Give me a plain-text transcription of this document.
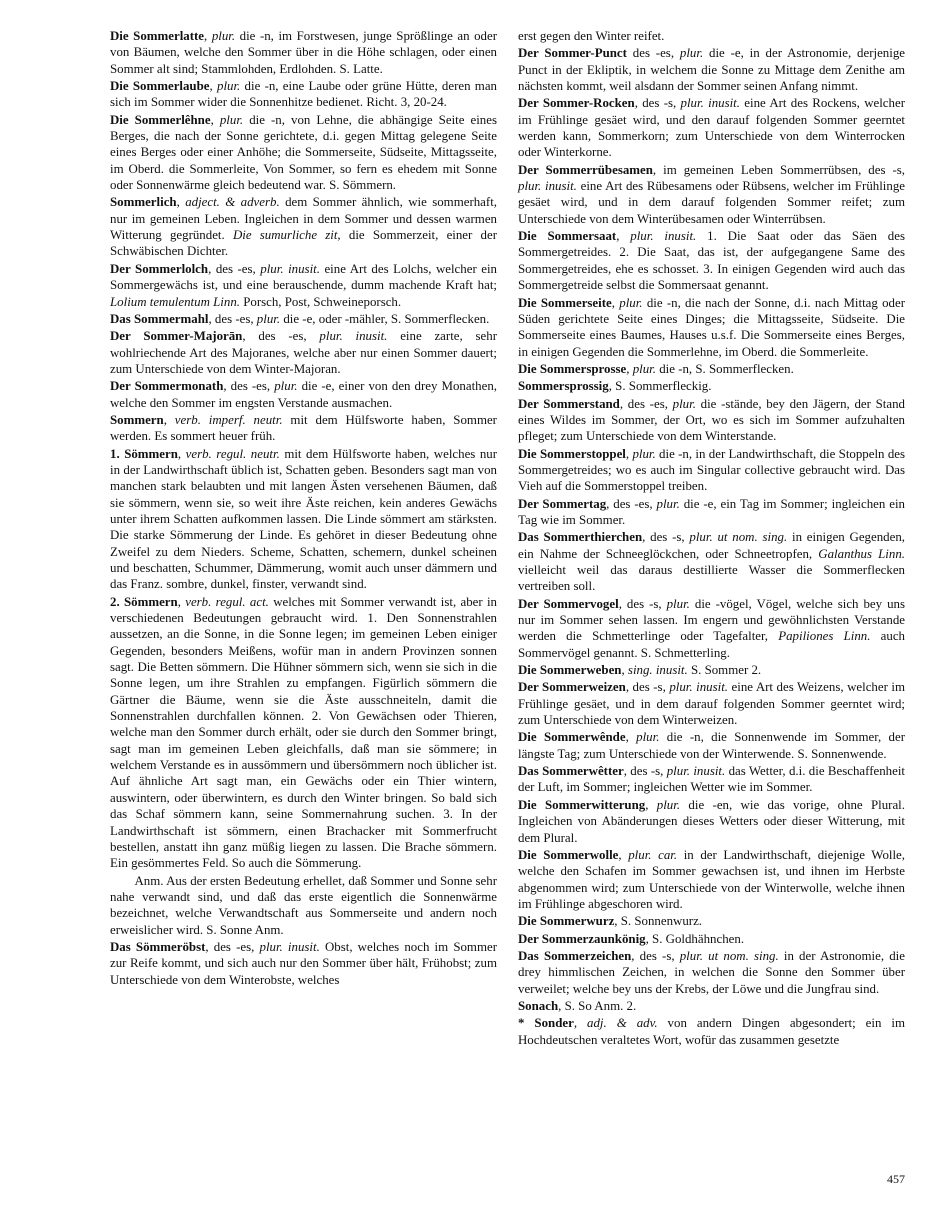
Die Sommerlatte, plur. die -n, im Forstwesen, junge Sprößlinge an oder von Bäumen, welche den Sommer über in die Höhe schlagen, oder einen Sommer alt sind; Stammlohden, Erdlohden. S. Latte.
Die Sommerlaube, plur. die -n, eine Laube oder grüne Hütte, deren man sich im Sommer wider die Sonnenhitze bedienet. Richt. 3, 20-24.
Die Sommerlêhne, plur. die -n, von Lehne, die abhängige Seite eines Berges, die nach der Sonne gerichtete, d.i. gegen Mittag gelegene Seite eines Berges oder einer Anhöhe; die Sommerseite, Südseite, Mittagsseite, im Oberd. die Sommerleite, Von Sommer, so fern es ehedem mit Sonne oder Sonnenwärme gleich bedeutend war. S. Sömmern.
Sommerlich, adject. & adverb. dem Sommer ähnlich, wie sommerhaft, nur im gemeinen Leben. Ingleichen in dem Sommer und dessen warmen Witterung gegründet. Die sumurliche zit, die Sommerzeit, einer der Schwäbischen Dichter.
Der Sommerlolch, des -es, plur. inusit. eine Art des Lolchs, welcher ein Sommergewächs ist, und eine berauschende, dumm machende Kraft hat; Lolium temulentum Linn. Porsch, Post, Schweineporsch.
Das Sommermahl, des -es, plur. die -e, oder -mähler, S. Sommerflecken.
Der Sommer-Majorān, des -es, plur. inusit. eine zarte, sehr wohlriechende Art des Majoranes, welche aber nur einen Sommer dauert; zum Unterschiede von dem Winter-Majoran.
Der Sommermonath, des -es, plur. die -e, einer von den drey Monathen, welche den Sommer im engsten Verstande ausmachen.
Sommern, verb. imperf. neutr. mit dem Hülfsworte haben, Sommer werden. Es sommert heuer früh.
1. Sömmern, verb. regul. neutr. mit dem Hülfsworte haben, welches nur in der Landwirthschaft üblich ist, Schatten geben. Besonders sagt man von manchen stark belaubten und mit langen Ästen versehenen Bäumen, daß sie sömmern, wenn sie, so weit ihre Äste reichen, kein anderes Gewächs unter ihrem Schatten aufkommen lassen. Die Linde sömmert am stärksten. Die starke Sömmerung der Linde. Es gehöret in dieser Bedeutung ohne Zweifel zu dem Nieders. Scheme, Schatten, schemern, dunkel scheinen und beschatten, Schummer, Dämmerung, womit auch unser dämmern und das Franz. sombre, dunkel, finster, verwandt sind.
2. Sömmern, verb. regul. act. welches mit Sommer verwandt ist, aber in verschiedenen Bedeutungen gebraucht wird. 1. Den Sonnenstrahlen aussetzen, an die Sonne, in die Sonne legen; im gemeinen Leben einiger Gegenden, besonders Meißens, wofür man in andern Provinzen sonnen sagt. Die Betten sömmern. Die Hühner sömmern sich, wenn sie sich in die Sonne legen, um ihre Strahlen zu empfangen. Figürlich sömmern die Gärtner die Bäume, wenn sie die Äste ausschneiteln, damit die Sonnenstrahlen durchfallen können. 2. Von Gewächsen oder Thieren, welche man den Sommer durch erhält, oder sie durch den Sommer bringt, sagt man im gemeinen Leben gleichfalls, daß man sie sömmere; in welchem Verstande es in aussömmern und übersömmern noch üblicher ist. Auf ähnliche Art sagt man, ein Gewächs oder ein Thier wintern, auswintern, oder überwintern, es durch den Winter bringen. So bald sich das Schaf sömmern kann, seine Sommernahrung suchen. 3. In der Landwirthschaft ist sömmern, einen Brachacker mit Sommerfrucht bestellen, anstatt ihn ganz müßig liegen zu lassen. Die Brache sömmern. Ein gesömmertes Feld. So auch die Sömmerung.
Anm. Aus der ersten Bedeutung erhellet, daß Sommer und Sonne sehr nahe verwandt sind, und daß das erste eigentlich die Sonnenwärme bezeichnet, welche Verwandtschaft aus Sommerseite und andern noch erweislicher wird. S. Sonne Anm.
Das Sömmeröbst, des -es, plur. inusit. Obst, welches noch im Sommer zur Reife kommt, und sich auch nur den Sommer über hält, Frühobst; zum Unterschiede von dem Winterobste, welches
erst gegen den Winter reifet.
Der Sommer-Punct des -es, plur. die -e, in der Astronomie, derjenige Punct in der Ekliptik, in welchem die Sonne zu Mittage dem Zenithe am nächsten kommt, weil alsdann der Sommer seinen Anfang nimmt.
Der Sommer-Rocken, des -s, plur. inusit. eine Art des Rockens, welcher im Frühlinge gesäet wird, und den darauf folgenden Sommer geerntet werden kann, Sommerkorn; zum Unterschiede von dem Winterrocken oder Winterkorne.
Der Sommerrübesamen, im gemeinen Leben Sommerrübsen, des -s, plur. inusit. eine Art des Rübesamens oder Rübsens, welcher im Frühlinge gesäet wird, und in dem darauf folgenden Sommer reifet; zum Unterschiede von dem Winterübesamen oder Winterrübsen.
Die Sommersaat, plur. inusit. 1. Die Saat oder das Säen des Sommergetreides. 2. Die Saat, das ist, der aufgegangene Same des Sommergetreides, ehe es schosset. 3. In einigen Gegenden wird auch das Sommergetreide selbst die Sommersaat genannt.
Die Sommerseite, plur. die -n, die nach der Sonne, d.i. nach Mittag oder Süden gerichtete Seite eines Dinges; die Mittagsseite, Südseite. Die Sommerseite eines Baumes, Hauses u.s.f. Die Sommerseite eines Berges, in einigen Gegenden die Sommerlehne, im Oberd. die Sommerleite.
Die Sommersprosse, plur. die -n, S. Sommerflecken.
Sommersprossig, S. Sommerfleckig.
Der Sommerstand, des -es, plur. die -stände, bey den Jägern, der Stand eines Wildes im Sommer, der Ort, wo es sich im Sommer aufzuhalten pfleget; zum Unterschiede von dem Winterstande.
Die Sommerstoppel, plur. die -n, in der Landwirthschaft, die Stoppeln des Sommergetreides; wo es auch im Singular collective gebraucht wird. Das Vieh auf die Sommerstoppel treiben.
Der Sommertag, des -es, plur. die -e, ein Tag im Sommer; ingleichen ein Tag wie im Sommer.
Das Sommerthierchen, des -s, plur. ut nom. sing. in einigen Gegenden, ein Nahme der Schneeglöckchen, oder Schneetropfen, Galanthus Linn. vielleicht weil das daraus destillierte Wasser die Sommerflecken vertreiben soll.
Der Sommervogel, des -s, plur. die -vögel, Vögel, welche sich bey uns nur im Sommer sehen lassen. Im engern und gewöhnlichsten Verstande werden die Schmetterlinge oder Tagefalter, Papiliones Linn. auch Sommervögel genannt. S. Schmetterling.
Die Sommerweben, sing. inusit. S. Sommer 2.
Der Sommerweizen, des -s, plur. inusit. eine Art des Weizens, welcher im Frühlinge gesäet, und in dem darauf folgenden Sommer geerntet wird; zum Unterschiede von dem Winterweizen.
Die Sommerwênde, plur. die -n, die Sonnenwende im Sommer, der längste Tag; zum Unterschiede von der Winterwende. S. Sonnenwende.
Das Sommerwêtter, des -s, plur. inusit. das Wetter, d.i. die Beschaffenheit der Luft, im Sommer; ingleichen Wetter wie im Sommer.
Die Sommerwitterung, plur. die -en, wie das vorige, ohne Plural. Ingleichen von Abänderungen dieses Wetters oder dieser Witterung, mit dem Plural.
Die Sommerwolle, plur. car. in der Landwirthschaft, diejenige Wolle, welche den Schafen im Sommer gewachsen ist, und ihnen im Herbste abgenommen wird; zum Unterschiede von der Winterwolle, welche ihnen im Frühlinge abgeschoren wird.
Die Sommerwurz, S. Sonnenwurz.
Der Sommerzaunkönig, S. Goldhähnchen.
Das Sommerzeichen, des -s, plur. ut nom. sing. in der Astronomie, die drey himmlischen Zeichen, in welchen die Sonne den Sommer über verweilet; welche bey uns der Krebs, der Löwe und die Jungfrau sind.
Sonach, S. So Anm. 2.
* Sonder, adj. & adv. von andern Dingen abgesondert; ein im Hochdeutschen veraltetes Wort, wofür das zusammen gesetzte
457
